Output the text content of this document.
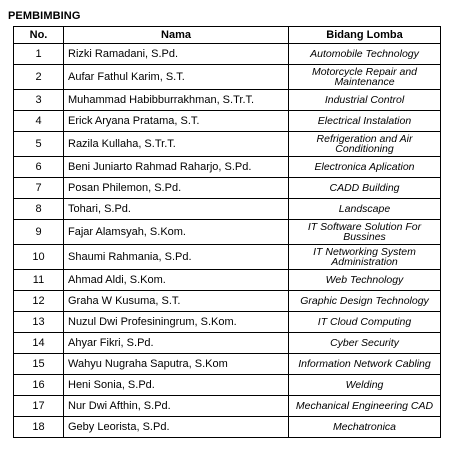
PEMBIMBING
No.	Nama	Bidang Lomba
1	Rizki Ramadani, S.Pd.	Automobile Technology
2	Aufar Fathul Karim, S.T.	Motorcycle Repair and Maintenance
3	Muhammad Habibburrakhman, S.Tr.T.	Industrial Control
4	Erick Aryana Pratama, S.T.	Electrical Instalation
5	Razila Kullaha, S.Tr.T.	Refrigeration and Air Conditioning
6	Beni Juniarto Rahmad Raharjo, S.Pd.	Electronica Aplication
7	Posan Philemon, S.Pd.	CADD Building
8	Tohari, S.Pd.	Landscape
9	Fajar Alamsyah, S.Kom.	IT Software Solution For Bussines
10	Shaumi Rahmania, S.Pd.	IT Networking System Administration
11	Ahmad Aldi, S.Kom.	Web Technology
12	Graha W Kusuma, S.T.	Graphic Design Technology
13	Nuzul Dwi Profesiningrum, S.Kom.	IT Cloud Computing
14	Ahyar Fikri, S.Pd.	Cyber Security
15	Wahyu Nugraha Saputra, S.Kom	Information Network Cabling
16	Heni Sonia, S.Pd.	Welding
17	Nur Dwi Afthin, S.Pd.	Mechanical Engineering CAD
18	Geby Leorista, S.Pd.	Mechatronica
